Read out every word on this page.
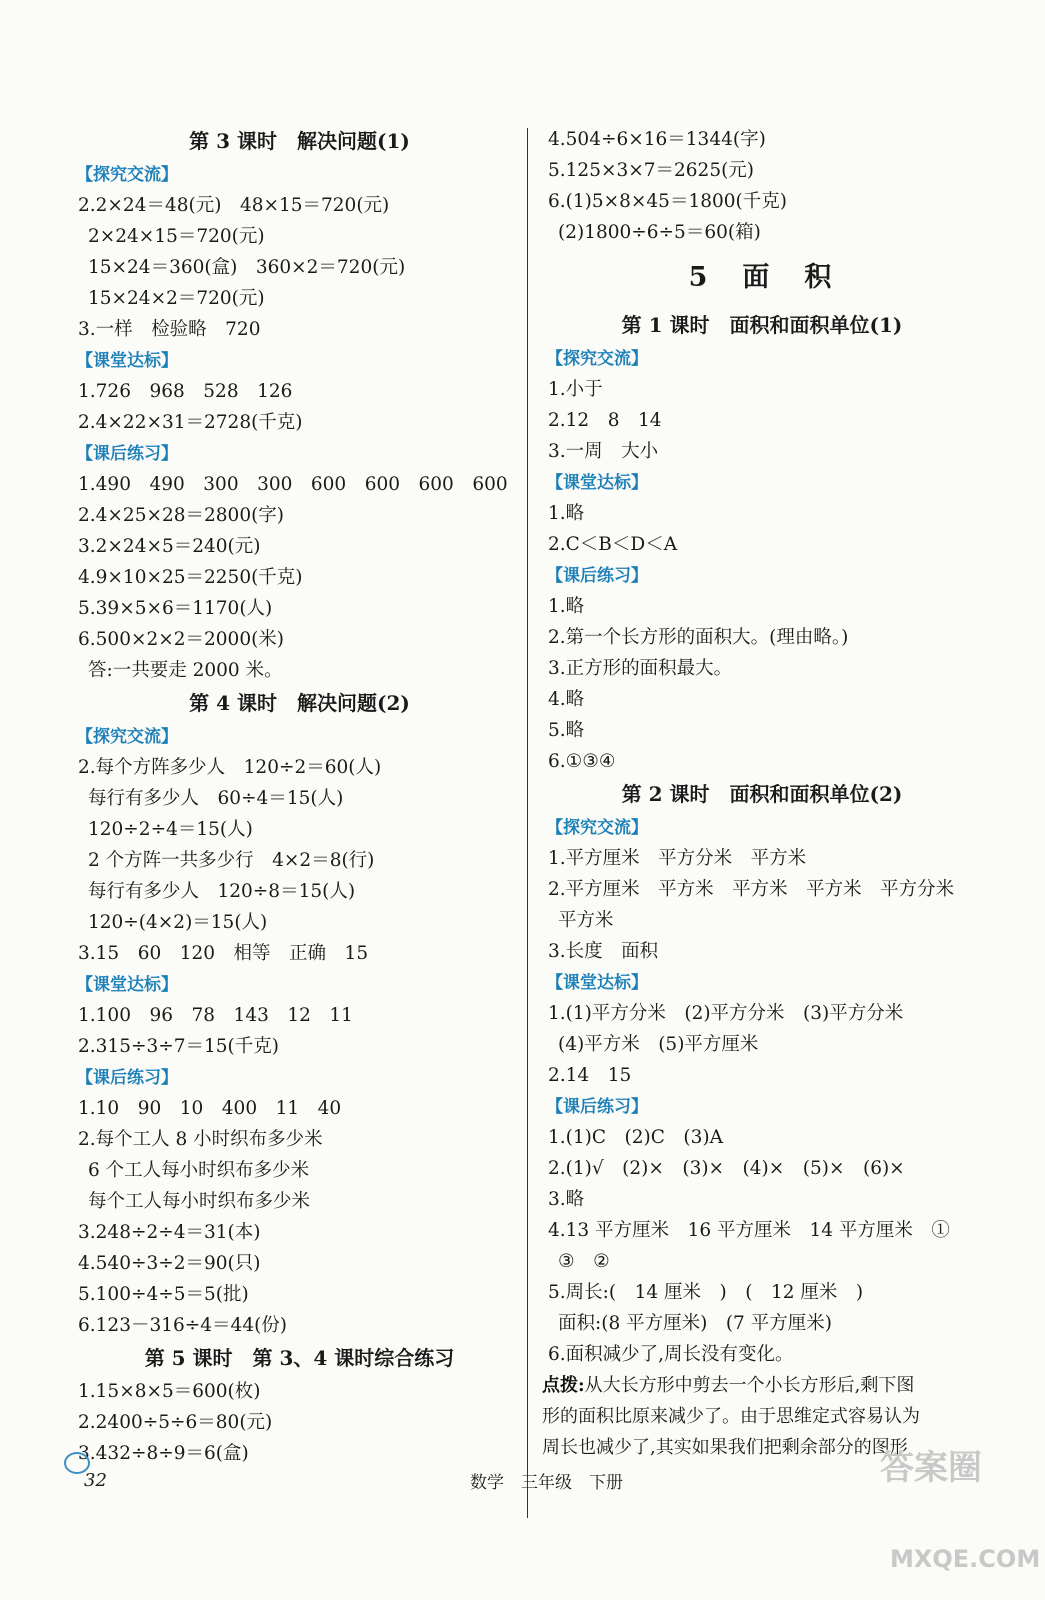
第 3 课时　解决问题(1)
【探究交流】
2.2×24＝48(元)　48×15＝720(元)
2×24×15＝720(元)
15×24＝360(盒)　360×2＝720(元)
15×24×2＝720(元)
3.一样　检验略　720
【课堂达标】
1.726　968　528　126
2.4×22×31＝2728(千克)
【课后练习】
1.490　490　300　300　600　600　600　600
2.4×25×28＝2800(字)
3.2×24×5＝240(元)
4.9×10×25＝2250(千克)
5.39×5×6＝1170(人)
6.500×2×2＝2000(米)
答:一共要走 2000 米。
第 4 课时　解决问题(2)
【探究交流】
2.每个方阵多少人　120÷2＝60(人)
每行有多少人　60÷4＝15(人)
120÷2÷4＝15(人)
2 个方阵一共多少行　4×2＝8(行)
每行有多少人　120÷8＝15(人)
120÷(4×2)＝15(人)
3.15　60　120　相等　正确　15
【课堂达标】
1.100　96　78　143　12　11
2.315÷3÷7＝15(千克)
【课后练习】
1.10　90　10　400　11　40
2.每个工人 8 小时织布多少米
6 个工人每小时织布多少米
每个工人每小时织布多少米
3.248÷2÷4＝31(本)
4.540÷3÷2＝90(只)
5.100÷4÷5＝5(批)
6.123－316÷4＝44(份)
第 5 课时　第 3、4 课时综合练习
1.15×8×5＝600(枚)
2.2400÷5÷6＝80(元)
3.432÷8÷9＝6(盒)
4.504÷6×16＝1344(字)
5.125×3×7＝2625(元)
6.(1)5×8×45＝1800(千克)
(2)1800÷6÷5＝60(箱)
5　面　积
第 1 课时　面积和面积单位(1)
【探究交流】
1.小于
2.12　8　14
3.一周　大小
【课堂达标】
1.略
2.C＜B＜D＜A
【课后练习】
1.略
2.第一个长方形的面积大。(理由略。)
3.正方形的面积最大。
4.略
5.略
6.①③④
第 2 课时　面积和面积单位(2)
【探究交流】
1.平方厘米　平方分米　平方米
2.平方厘米　平方米　平方米　平方米　平方分米
平方米
3.长度　面积
【课堂达标】
1.(1)平方分米　(2)平方分米　(3)平方分米
(4)平方米　(5)平方厘米
2.14　15
【课后练习】
1.(1)C　(2)C　(3)A
2.(1)√　(2)×　(3)×　(4)×　(5)×　(6)×
3.略
4.13 平方厘米　16 平方厘米　14 平方厘米　①
③　②
5.周长:(　14 厘米　)　(　12 厘米　)
面积:(8 平方厘米)　(7 平方厘米)
6.面积减少了,周长没有变化。
点拨:从大长方形中剪去一个小长方形后,剩下图
形的面积比原来减少了。由于思维定式容易认为
周长也减少了,其实如果我们把剩余部分的图形
32	数学　三年级　下册	答案圈
MXQE.COM
